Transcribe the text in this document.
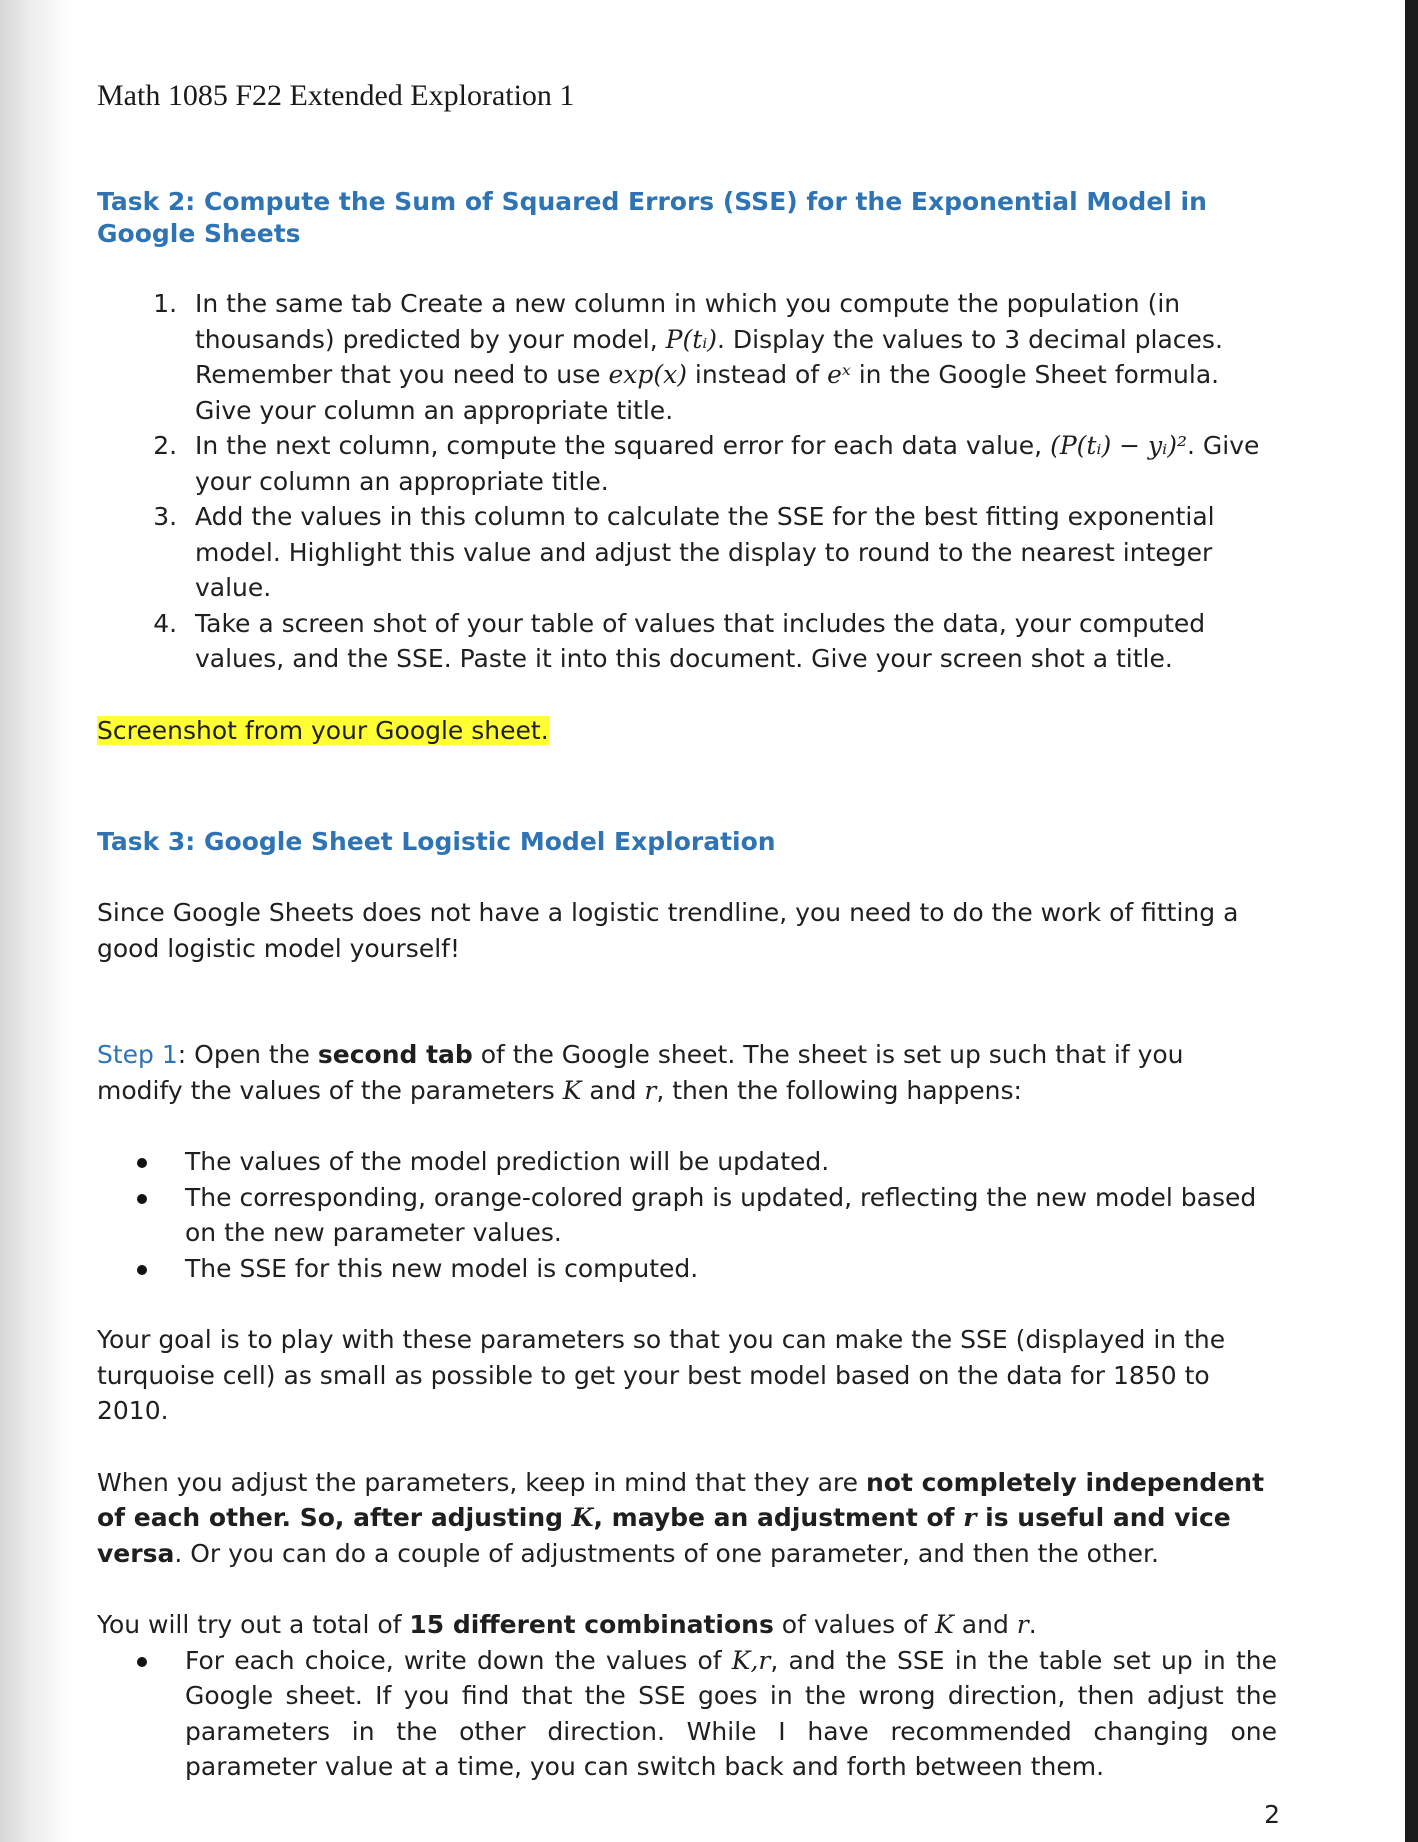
Math 1085 F22 Extended Exploration 1
Task 2: Compute the Sum of Squared Errors (SSE) for the Exponential Model in Google Sheets
1. In the same tab Create a new column in which you compute the population (in thousands) predicted by your model, P(tᵢ). Display the values to 3 decimal places. Remember that you need to use exp(x) instead of eˣ in the Google Sheet formula. Give your column an appropriate title.
2. In the next column, compute the squared error for each data value, (P(tᵢ) − yᵢ)². Give your column an appropriate title.
3. Add the values in this column to calculate the SSE for the best fitting exponential model. Highlight this value and adjust the display to round to the nearest integer value.
4. Take a screen shot of your table of values that includes the data, your computed values, and the SSE. Paste it into this document. Give your screen shot a title.

Screenshot from your Google sheet.

Task 3: Google Sheet Logistic Model Exploration

Since Google Sheets does not have a logistic trendline, you need to do the work of fitting a good logistic model yourself!

Step 1: Open the second tab of the Google sheet. The sheet is set up such that if you modify the values of the parameters K and r, then the following happens:

The values of the model prediction will be updated.
The corresponding, orange-colored graph is updated, reflecting the new model based on the new parameter values.
The SSE for this new model is computed.

Your goal is to play with these parameters so that you can make the SSE (displayed in the turquoise cell) as small as possible to get your best model based on the data for 1850 to 2010.

When you adjust the parameters, keep in mind that they are not completely independent of each other. So, after adjusting K, maybe an adjustment of r is useful and vice versa. Or you can do a couple of adjustments of one parameter, and then the other.

You will try out a total of 15 different combinations of values of K and r.

For each choice, write down the values of K,r, and the SSE in the table set up in the Google sheet. If you find that the SSE goes in the wrong direction, then adjust the parameters in the other direction. While I have recommended changing one parameter value at a time, you can switch back and forth between them.
2
